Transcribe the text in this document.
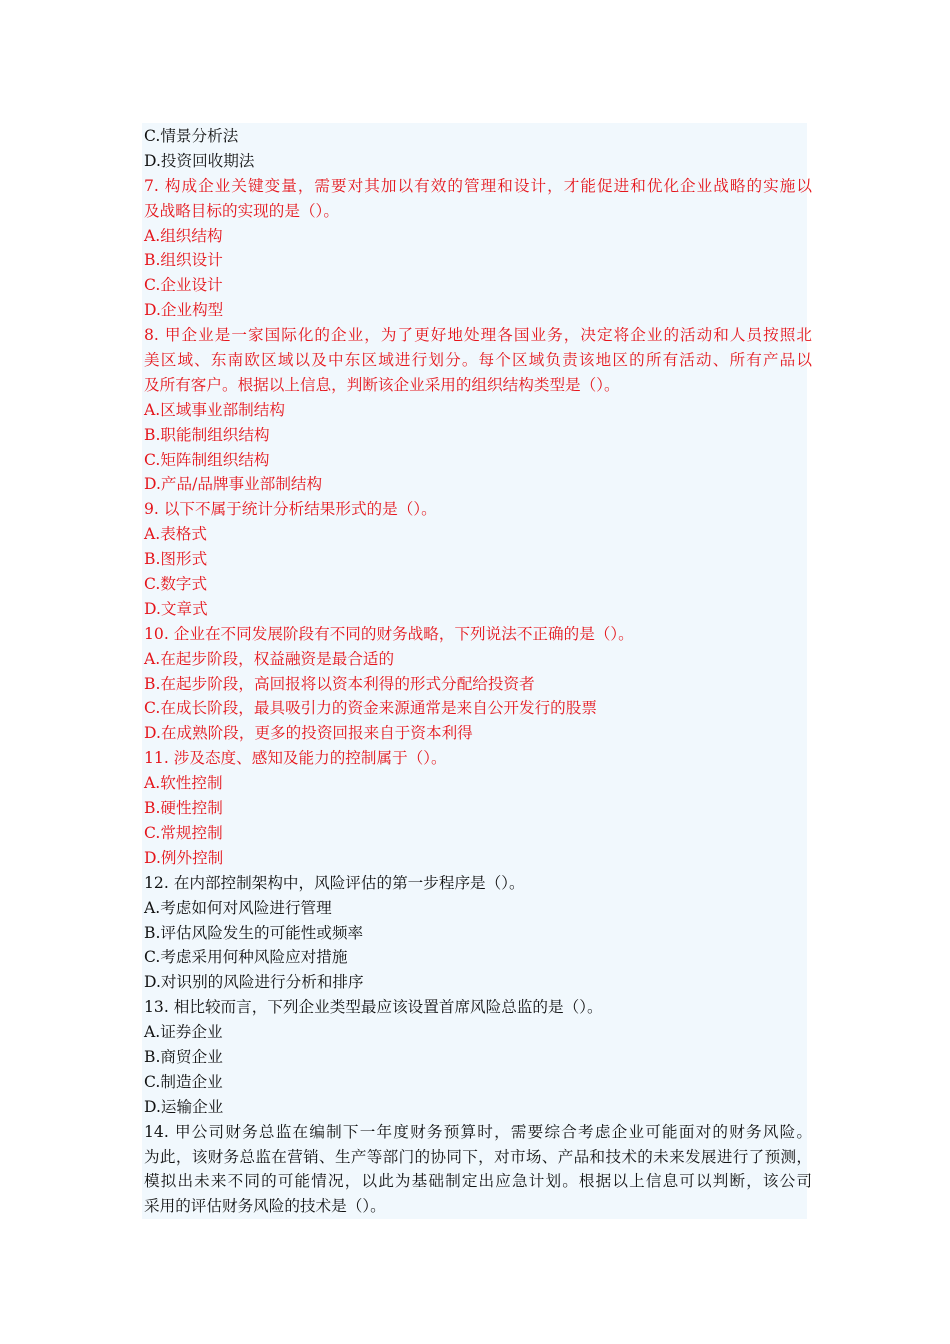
C.情景分析法
D.投资回收期法
7. 构成企业关键变量，需要对其加以有效的管理和设计，才能促进和优化企业战略的实施以
及战略目标的实现的是（）。
A.组织结构
B.组织设计
C.企业设计
D.企业构型
8. 甲企业是一家国际化的企业，为了更好地处理各国业务，决定将企业的活动和人员按照北
美区域、东南欧区域以及中东区域进行划分。每个区域负责该地区的所有活动、所有产品以
及所有客户。根据以上信息，判断该企业采用的组织结构类型是（）。
A.区域事业部制结构
B.职能制组织结构
C.矩阵制组织结构
D.产品/品牌事业部制结构
9. 以下不属于统计分析结果形式的是（）。
A.表格式
B.图形式
C.数字式
D.文章式
10. 企业在不同发展阶段有不同的财务战略，下列说法不正确的是（）。
A.在起步阶段，权益融资是最合适的
B.在起步阶段，高回报将以资本利得的形式分配给投资者
C.在成长阶段，最具吸引力的资金来源通常是来自公开发行的股票
D.在成熟阶段，更多的投资回报来自于资本利得
11. 涉及态度、感知及能力的控制属于（）。
A.软性控制
B.硬性控制
C.常规控制
D.例外控制
12. 在内部控制架构中，风险评估的第一步程序是（）。
A.考虑如何对风险进行管理
B.评估风险发生的可能性或频率
C.考虑采用何种风险应对措施
D.对识别的风险进行分析和排序
13. 相比较而言，下列企业类型最应该设置首席风险总监的是（）。
A.证券企业
B.商贸企业
C.制造企业
D.运输企业
14. 甲公司财务总监在编制下一年度财务预算时，需要综合考虑企业可能面对的财务风险。
为此，该财务总监在营销、生产等部门的协同下，对市场、产品和技术的未来发展进行了预测，
模拟出未来不同的可能情况，以此为基础制定出应急计划。根据以上信息可以判断，该公司
采用的评估财务风险的技术是（）。
